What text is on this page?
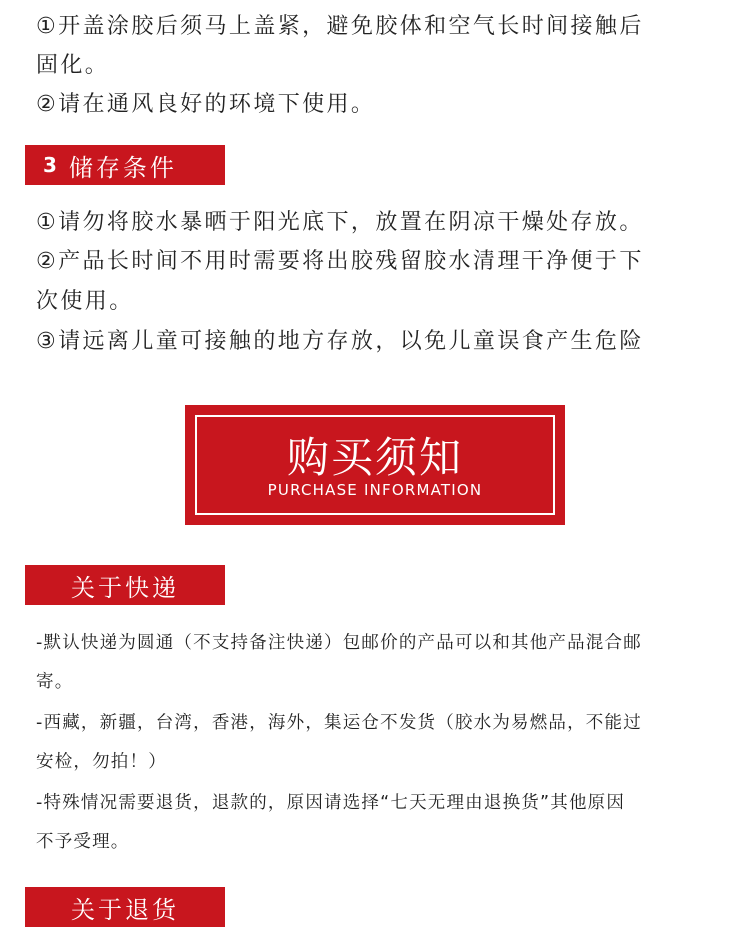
①开盖涂胶后须马上盖紧，避免胶体和空气长时间接触后

固化。

②请在通风良好的环境下使用。

3 储存条件

①请勿将胶水暴晒于阳光底下，放置在阴凉干燥处存放。

②产品长时间不用时需要将出胶残留胶水清理干净便于下

次使用。

③请远离儿童可接触的地方存放，以免儿童误食产生危险

购买须知
PURCHASE INFORMATION
关于快递

-默认快递为圆通（不支持备注快递）包邮价的产品可以和其他产品混合邮

寄。

-西藏，新疆，台湾，香港，海外，集运仓不发货（胶水为易燃品，不能过

安检，勿拍！）

-特殊情况需要退货，退款的，原因请选择“七天无理由退换货”其他原因

不予受理。

关于退货
